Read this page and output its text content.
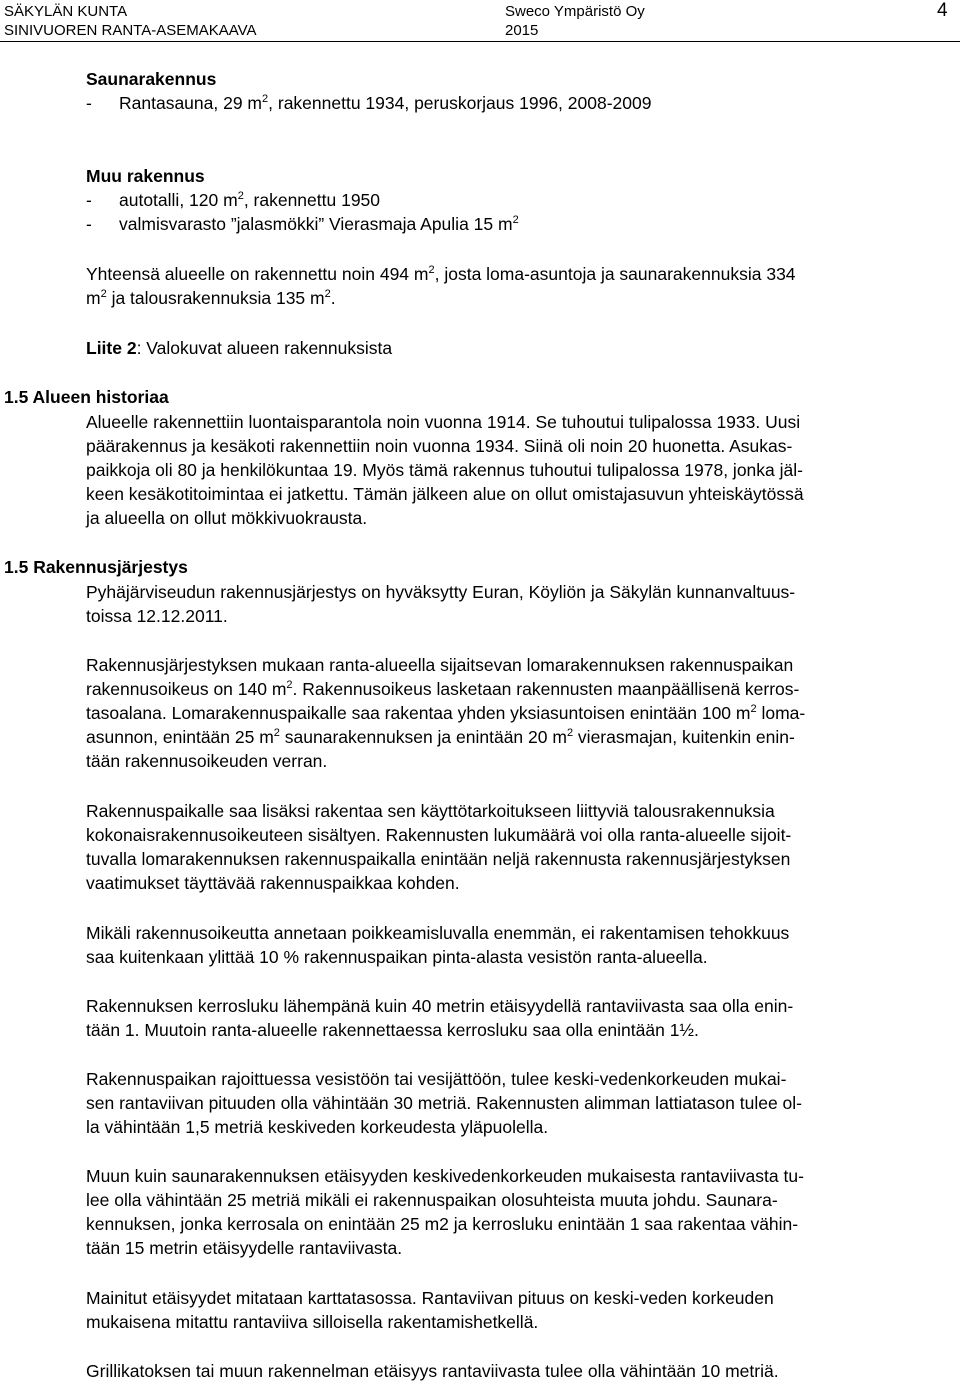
SÄKYLÄN KUNTA
SINIVUOREN RANTA-ASEMAKAAVA
Sweco Ympäristö Oy
2015
4

Saunarakennus

- Rantasauna, 29 $m^2$, rakennettu 1934, peruskorjaus 1996, 2008-2009

Muu rakennus

- autotalli, 120 $m^2$, rakennettu 1950

- valmisvarasto ”jalasmökki” Vierasmaja Apulia 15 $m^2$

Yhteensä alueelle on rakennettu noin 494 $m^2$, josta loma-asuntoja ja saunarakennuksia 334

$m^2$ ja talousrakennuksia 135 $m^2$.

Liite 2: Valokuvat alueen rakennuksista

1.5 Alueen historiaa

Alueelle rakennettiin luontaisparantola noin vuonna 1914. Se tuhoutui tulipalossa 1933. Uusi

päärakennus ja kesäkoti rakennettiin noin vuonna 1934. Siinä oli noin 20 huonetta. Asukas-

paikkoja oli 80 ja henkilökuntaa 19. Myös tämä rakennus tuhoutui tulipalossa 1978, jonka jäl-

keen kesäkotitoimintaa ei jatkettu. Tämän jälkeen alue on ollut omistajasuvun yhteiskäytössä

ja alueella on ollut mökkivuokrausta.

1.5 Rakennusjärjestys

Pyhäjärviseudun rakennusjärjestys on hyväksytty Euran, Köyliön ja Säkylän kunnanvaltuus-

toissa 12.12.2011.

Rakennusjärjestyksen mukaan ranta-alueella sijaitsevan lomarakennuksen rakennuspaikan

rakennusoikeus on 140 $m^2$. Rakennusoikeus lasketaan rakennusten maanpäällisenä kerros-

tasoalana. Lomarakennuspaikalle saa rakentaa yhden yksiasuntoisen enintään 100 $m^2$ loma-

asunnon, enintään 25 $m^2$ saunarakennuksen ja enintään 20 $m^2$ vierasmajan, kuitenkin enin-

tään rakennusoikeuden verran.

Rakennuspaikalle saa lisäksi rakentaa sen käyttötarkoitukseen liittyviä talousrakennuksia

kokonaisrakennusoikeuteen sisältyen. Rakennusten lukumäärä voi olla ranta-alueelle sijoit-

tuvalla lomarakennuksen rakennuspaikalla enintään neljä rakennusta rakennusjärjestyksen

vaatimukset täyttävää rakennuspaikkaa kohden.

Mikäli rakennusoikeutta annetaan poikkeamisluvalla enemmän, ei rakentamisen tehokkuus

saa kuitenkaan ylittää 10 % rakennuspaikan pinta-alasta vesistön ranta-alueella.

Rakennuksen kerrosluku lähempänä kuin 40 metrin etäisyydellä rantaviivasta saa olla enin-

tään 1. Muutoin ranta-alueelle rakennettaessa kerrosluku saa olla enintään 1½.

Rakennuspaikan rajoittuessa vesistöön tai vesijättöön, tulee keski-vedenkorkeuden mukai-

sen rantaviivan pituuden olla vähintään 30 metriä. Rakennusten alimman lattiatason tulee ol-

la vähintään 1,5 metriä keskiveden korkeudesta yläpuolella.

Muun kuin saunarakennuksen etäisyyden keskivedenkorkeuden mukaisesta rantaviivasta tu-

lee olla vähintään 25 metriä mikäli ei rakennuspaikan olosuhteista muuta johdu. Saunara-

kennuksen, jonka kerrosala on enintään 25 m2 ja kerrosluku enintään 1 saa rakentaa vähin-

tään 15 metrin etäisyydelle rantaviivasta.

Mainitut etäisyydet mitataan karttatasossa. Rantaviivan pituus on keski-veden korkeuden

mukaisena mitattu rantaviiva silloisella rakentamishetkellä.

Grillikatoksen tai muun rakennelman etäisyys rantaviivasta tulee olla vähintään 10 metriä.
